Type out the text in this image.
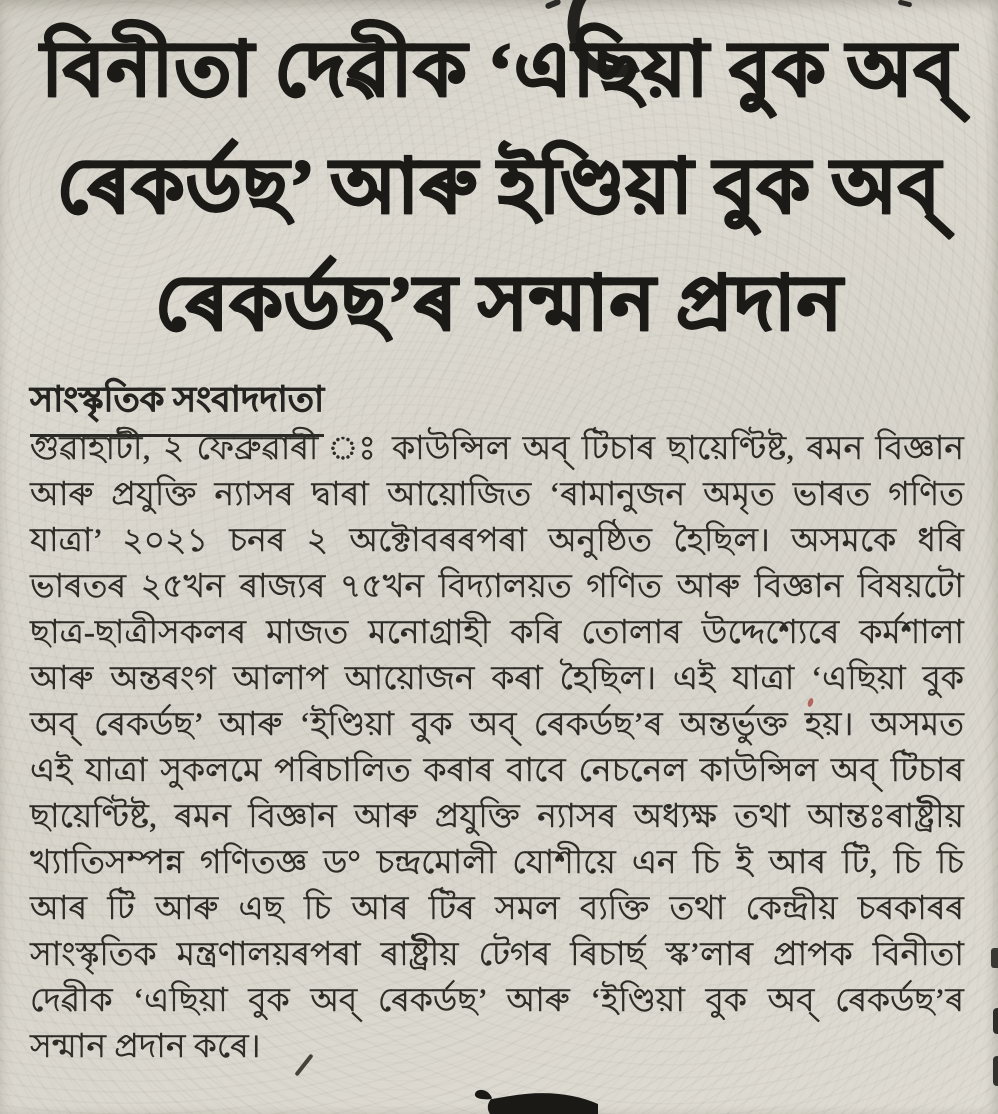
বিনীতা দেৱীক ‘এছিয়া বুক অব্
ৰেকৰ্ডছ’ আৰু ইণ্ডিয়া বুক অব্
ৰেকৰ্ডছ’ৰ সন্মান প্ৰদান
সাংস্কৃতিক সংবাদদাতা
গুৱাহাটী, ২ ফেব্ৰুৱাৰী ঃ কাউন্সিল অব্ টিচাৰ ছায়েণ্টিষ্ট, ৰমন বিজ্ঞান
আৰু প্ৰযুক্তি ন্যাসৰ দ্বাৰা আয়োজিত ‘ৰামানুজন অমৃত ভাৰত গণিত
যাত্ৰা’ ২০২১ চনৰ ২ অক্টোবৰৰপৰা অনুষ্ঠিত হৈছিল। অসমকে ধৰি
ভাৰতৰ ২৫খন ৰাজ্যৰ ৭৫খন বিদ্যালয়ত গণিত আৰু বিজ্ঞান বিষয়টো
ছাত্ৰ-ছাত্ৰীসকলৰ মাজত মনোগ্ৰাহী কৰি তোলাৰ উদ্দেশ্যেৰে কৰ্মশালা
আৰু অন্তৰংগ আলাপ আয়োজন কৰা হৈছিল। এই যাত্ৰা ‘এছিয়া বুক
অব্ ৰেকৰ্ডছ’ আৰু ‘ইণ্ডিয়া বুক অব্ ৰেকৰ্ডছ’ৰ অন্তৰ্ভুক্ত হয়। অসমত
এই যাত্ৰা সুকলমে পৰিচালিত কৰাৰ বাবে নেচনেল কাউন্সিল অব্ টিচাৰ
ছায়েণ্টিষ্ট, ৰমন বিজ্ঞান আৰু প্ৰযুক্তি ন্যাসৰ অধ্যক্ষ তথা আন্তঃৰাষ্ট্ৰীয়
খ্যাতিসম্পন্ন গণিতজ্ঞ ড° চন্দ্ৰমোলী যোশীয়ে এন চি ই আৰ টি, চি চি
আৰ টি আৰু এছ চি আৰ টিৰ সমল ব্যক্তি তথা কেন্দ্ৰীয় চৰকাৰৰ
সাংস্কৃতিক মন্ত্ৰণালয়ৰপৰা ৰাষ্ট্ৰীয় টেগৰ ৰিচাৰ্ছ স্ক’লাৰ প্ৰাপক বিনীতা
দেৱীক ‘এছিয়া বুক অব্ ৰেকৰ্ডছ’ আৰু ‘ইণ্ডিয়া বুক অব্ ৰেকৰ্ডছ’ৰ
সন্মান প্ৰদান কৰে।
